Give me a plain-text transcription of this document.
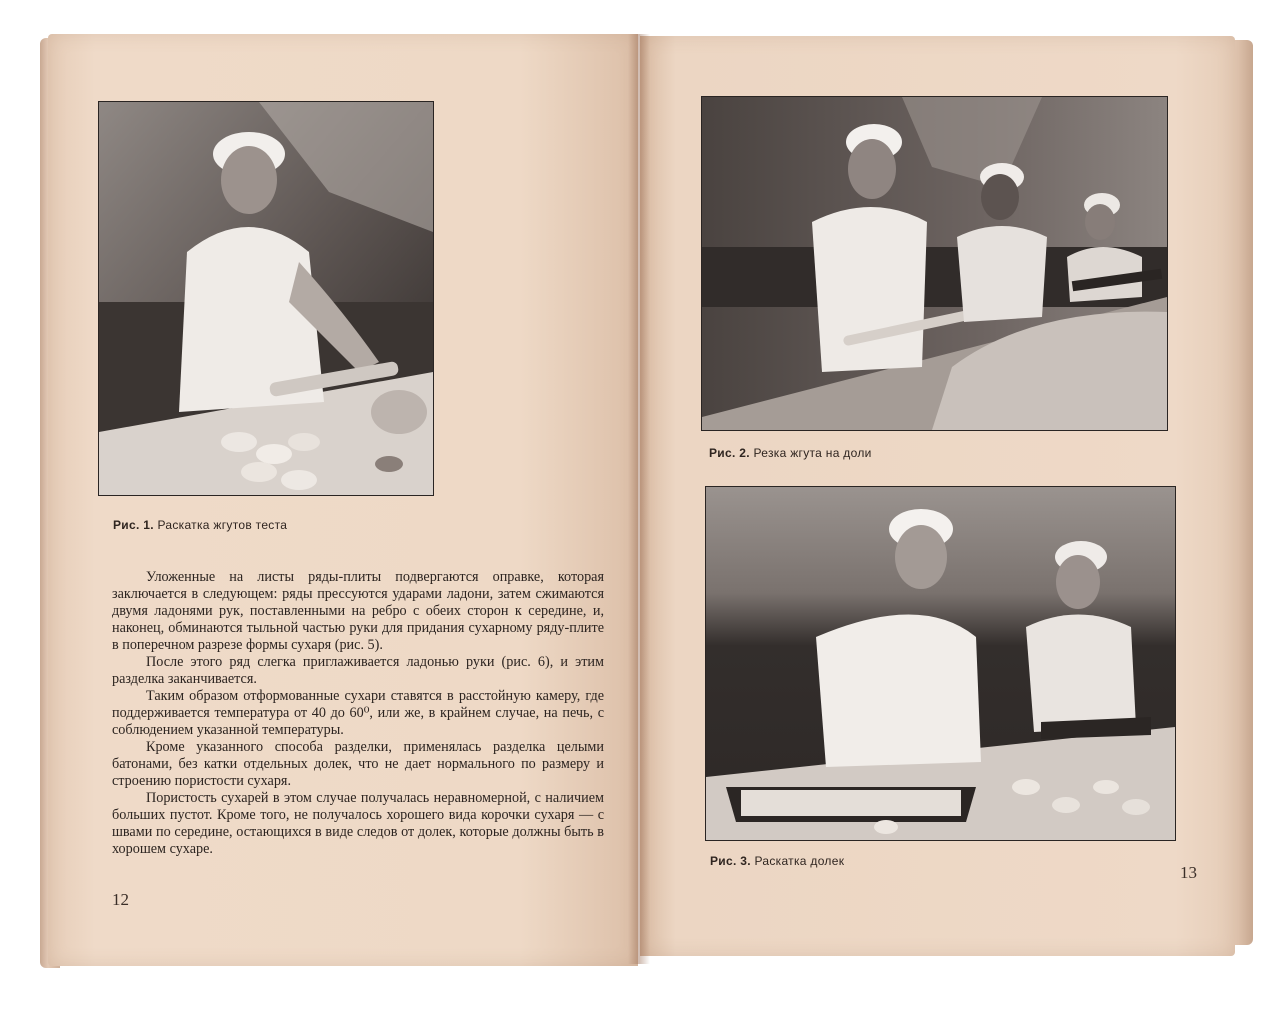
Рис. 1. Раскатка жгутов теста

Уложенные на листы ряды-плиты подвергаются оправке, которая заключается в следующем: ряды прессуются ударами ладони, затем сжимаются двумя ладонями рук, поставленными на ребро с обеих сторон к середине, и, наконец, обминаются тыльной частью руки для придания сухарному ряду-плите в поперечном разрезе формы сухаря (рис. 5).

После этого ряд слегка приглаживается ладонью руки (рис. 6), и этим разделка заканчивается.

Таким образом отформованные сухари ставятся в расстойную камеру, где поддерживается температура от 40 до 60⁰, или же, в крайнем случае, на печь, с соблюдением указанной температуры.

Кроме указанного способа разделки, применялась разделка целыми батонами, без катки отдельных долек, что не дает нормального по размеру и строению пористости сухаря.

Пористость сухарей в этом случае получалась неравномерной, с наличием больших пустот. Кроме того, не получалось хорошего вида корочки сухаря — с швами по середине, остающихся в виде следов от долек, которые должны быть в хорошем сухаре.

12
Рис. 2. Резка жгута на доли
Рис. 3. Раскатка долек
13
